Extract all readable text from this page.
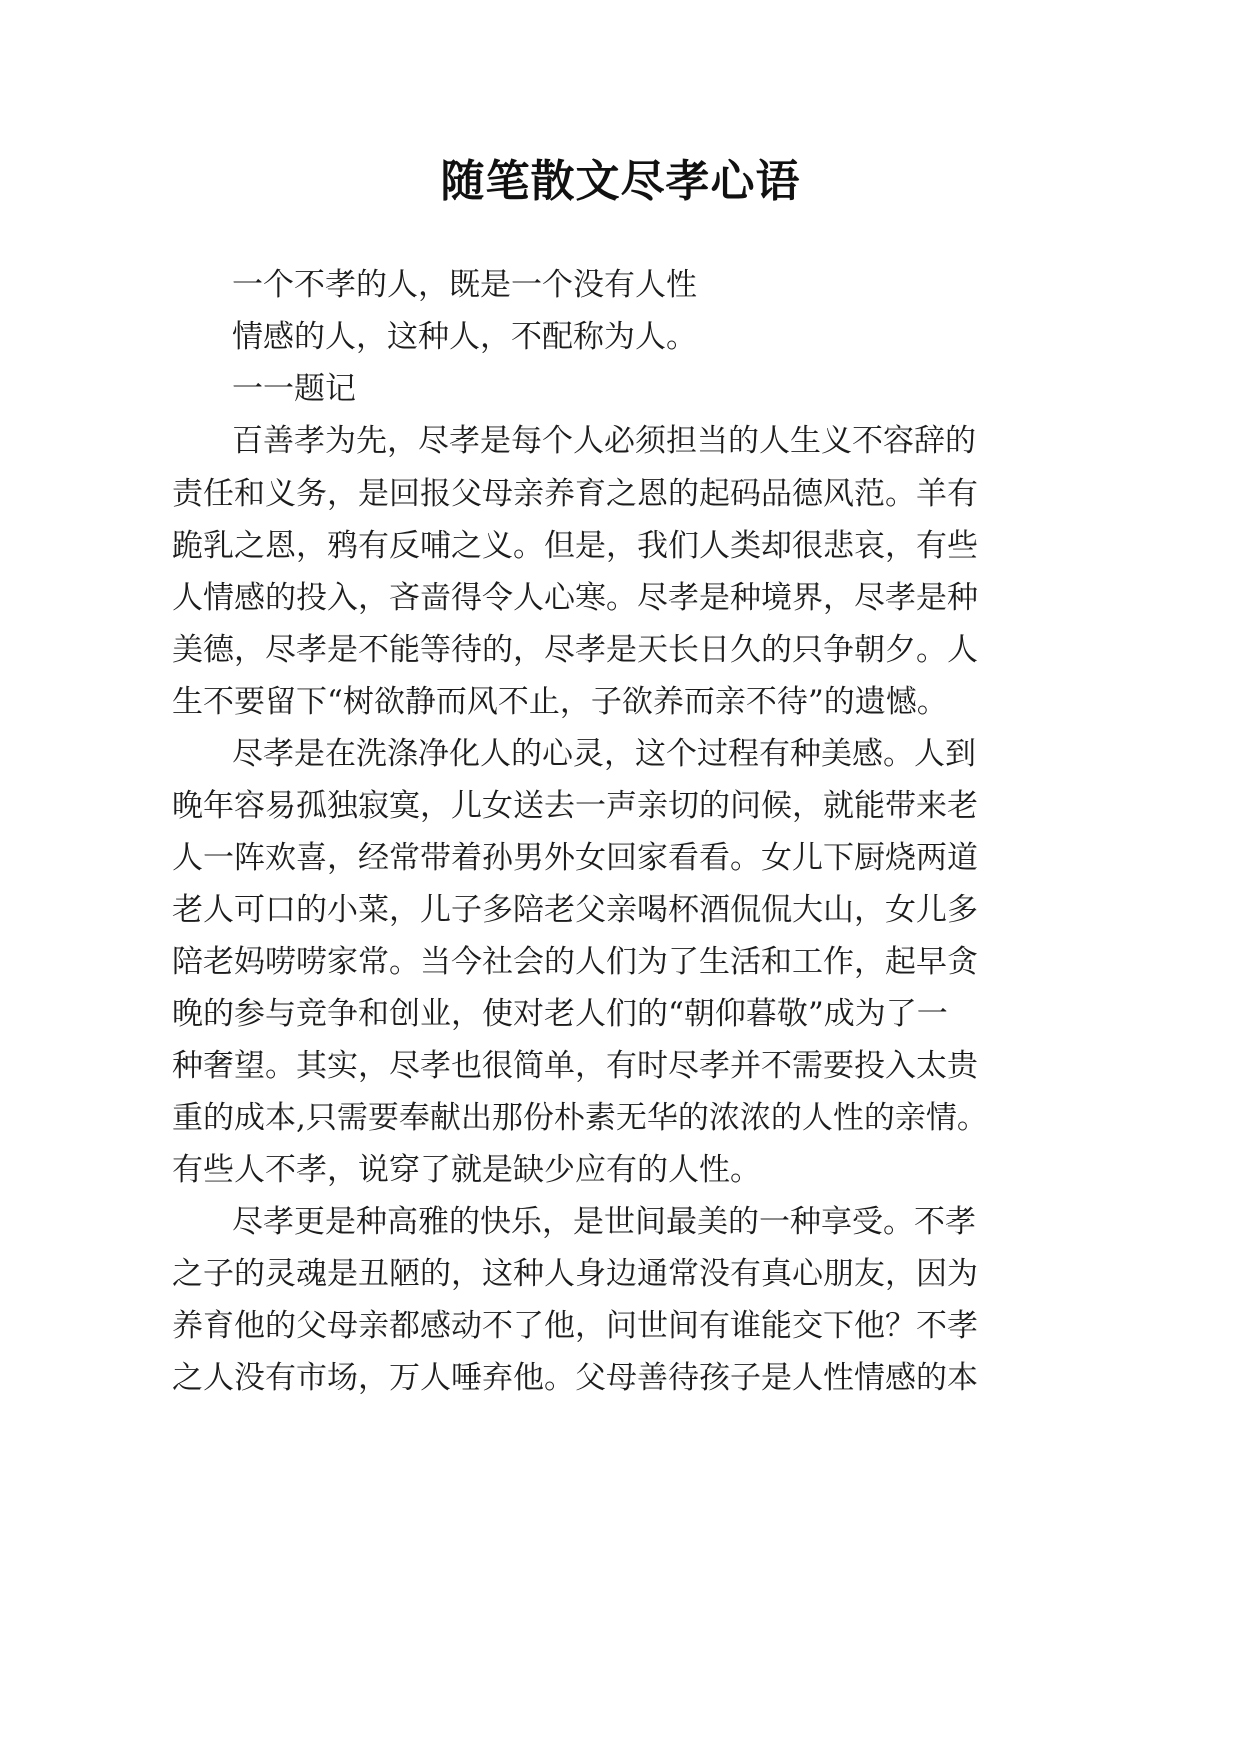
随笔散文尽孝心语
一个不孝的人，既是一个没有人性
情感的人，这种人，不配称为人。
一一题记
百善孝为先，尽孝是每个人必须担当的人生义不容辞的
责任和义务，是回报父母亲养育之恩的起码品德风范。羊有
跪乳之恩，鸦有反哺之义。但是，我们人类却很悲哀，有些
人情感的投入，吝啬得令人心寒。尽孝是种境界，尽孝是种
美德，尽孝是不能等待的，尽孝是天长日久的只争朝夕。人
生不要留下“树欲静而风不止，子欲养而亲不待”的遗憾。
尽孝是在洗涤净化人的心灵，这个过程有种美感。人到
晚年容易孤独寂寞，儿女送去一声亲切的问候，就能带来老
人一阵欢喜，经常带着孙男外女回家看看。女儿下厨烧两道
老人可口的小菜，儿子多陪老父亲喝杯酒侃侃大山，女儿多
陪老妈唠唠家常。当今社会的人们为了生活和工作，起早贪
晚的参与竞争和创业，使对老人们的“朝仰暮敬”成为了一
种奢望。其实，尽孝也很简单，有时尽孝并不需要投入太贵
重的成本,只需要奉献出那份朴素无华的浓浓的人性的亲情。
有些人不孝，说穿了就是缺少应有的人性。
尽孝更是种高雅的快乐，是世间最美的一种享受。不孝
之子的灵魂是丑陋的，这种人身边通常没有真心朋友，因为
养育他的父母亲都感动不了他，问世间有谁能交下他？不孝
之人没有市场，万人唾弃他。父母善待孩子是人性情感的本
